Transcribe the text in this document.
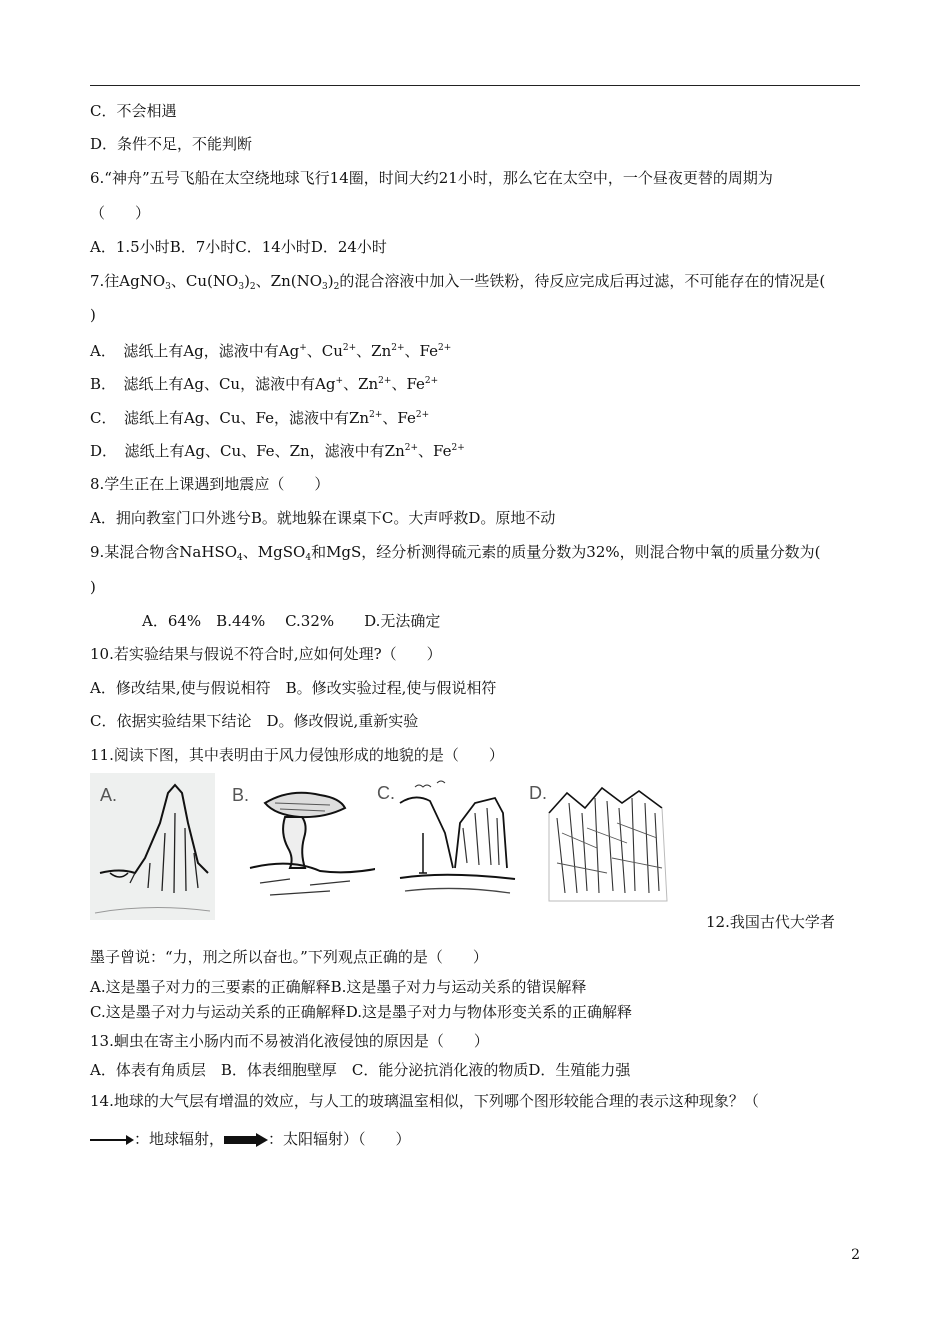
C．不会相遇
D．条件不足，不能判断
6.“神舟”五号飞船在太空绕地球飞行14圈，时间大约21小时，那么它在太空中，一个昼夜更替的周期为
（　　）
A．1.5小时B．7小时C．14小时D．24小时
7.往AgNO$_3$、$Cu(NO_3)_2$、$Zn(NO_3)_2$的混合溶液中加入一些铁粉，待反应完成后再过滤，不可能存在的情况是(
)
A．　滤纸上有Ag，滤液中有Ag+、$Cu^{2+}$、$Zn^{2+}$、$Fe^{2+}$
B．　滤纸上有Ag、Cu，滤液中有Ag+、$Zn^{2+}$、$Fe^{2+}$
C．　滤纸上有Ag、Cu、Fe，滤液中有$Zn^{2+}$、$Fe^{2+}$
D．　滤纸上有Ag、Cu、Fe、Zn，滤液中有$Zn^{2+}$、$Fe^{2+}$
8.学生正在上课遇到地震应（　　）
A．拥向教室门口外逃兮B。就地躲在课桌下C。大声呼救D。原地不动
9.某混合物含NaHSO$_4$、MgSO$_4$和MgS，经分析测得硫元素的质量分数为32%，则混合物中氧的质量分数为(
)
A．64%　B.44%　 C.32%　　D.无法确定
10.若实验结果与假说不符合时,应如何处理?（　　）
A．修改结果,使与假说相符　B。修改实验过程,使与假说相符
C．依据实验结果下结论　D。修改假说,重新实验
11.阅读下图，其中表明由于风力侵蚀形成的地貌的是（　　）
A.	B.	C.	D.
12.我国古代大学者
墨子曾说：“力，刑之所以奋也。”下列观点正确的是（　　）
A.这是墨子对力的三要素的正确解释B.这是墨子对力与运动关系的错误解释
C.这是墨子对力与运动关系的正确解释D.这是墨子对力与物体形变关系的正确解释
13.蛔虫在寄主小肠内而不易被消化液侵蚀的原因是（　　）
A．体表有角质层　B．体表细胞壁厚　C．能分泌抗消化液的物质D．生殖能力强
14.地球的大气层有增温的效应，与人工的玻璃温室相似，下列哪个图形较能合理的表示这种现象？（
：地球辐射，	：太阳辐射）（　　）
2
